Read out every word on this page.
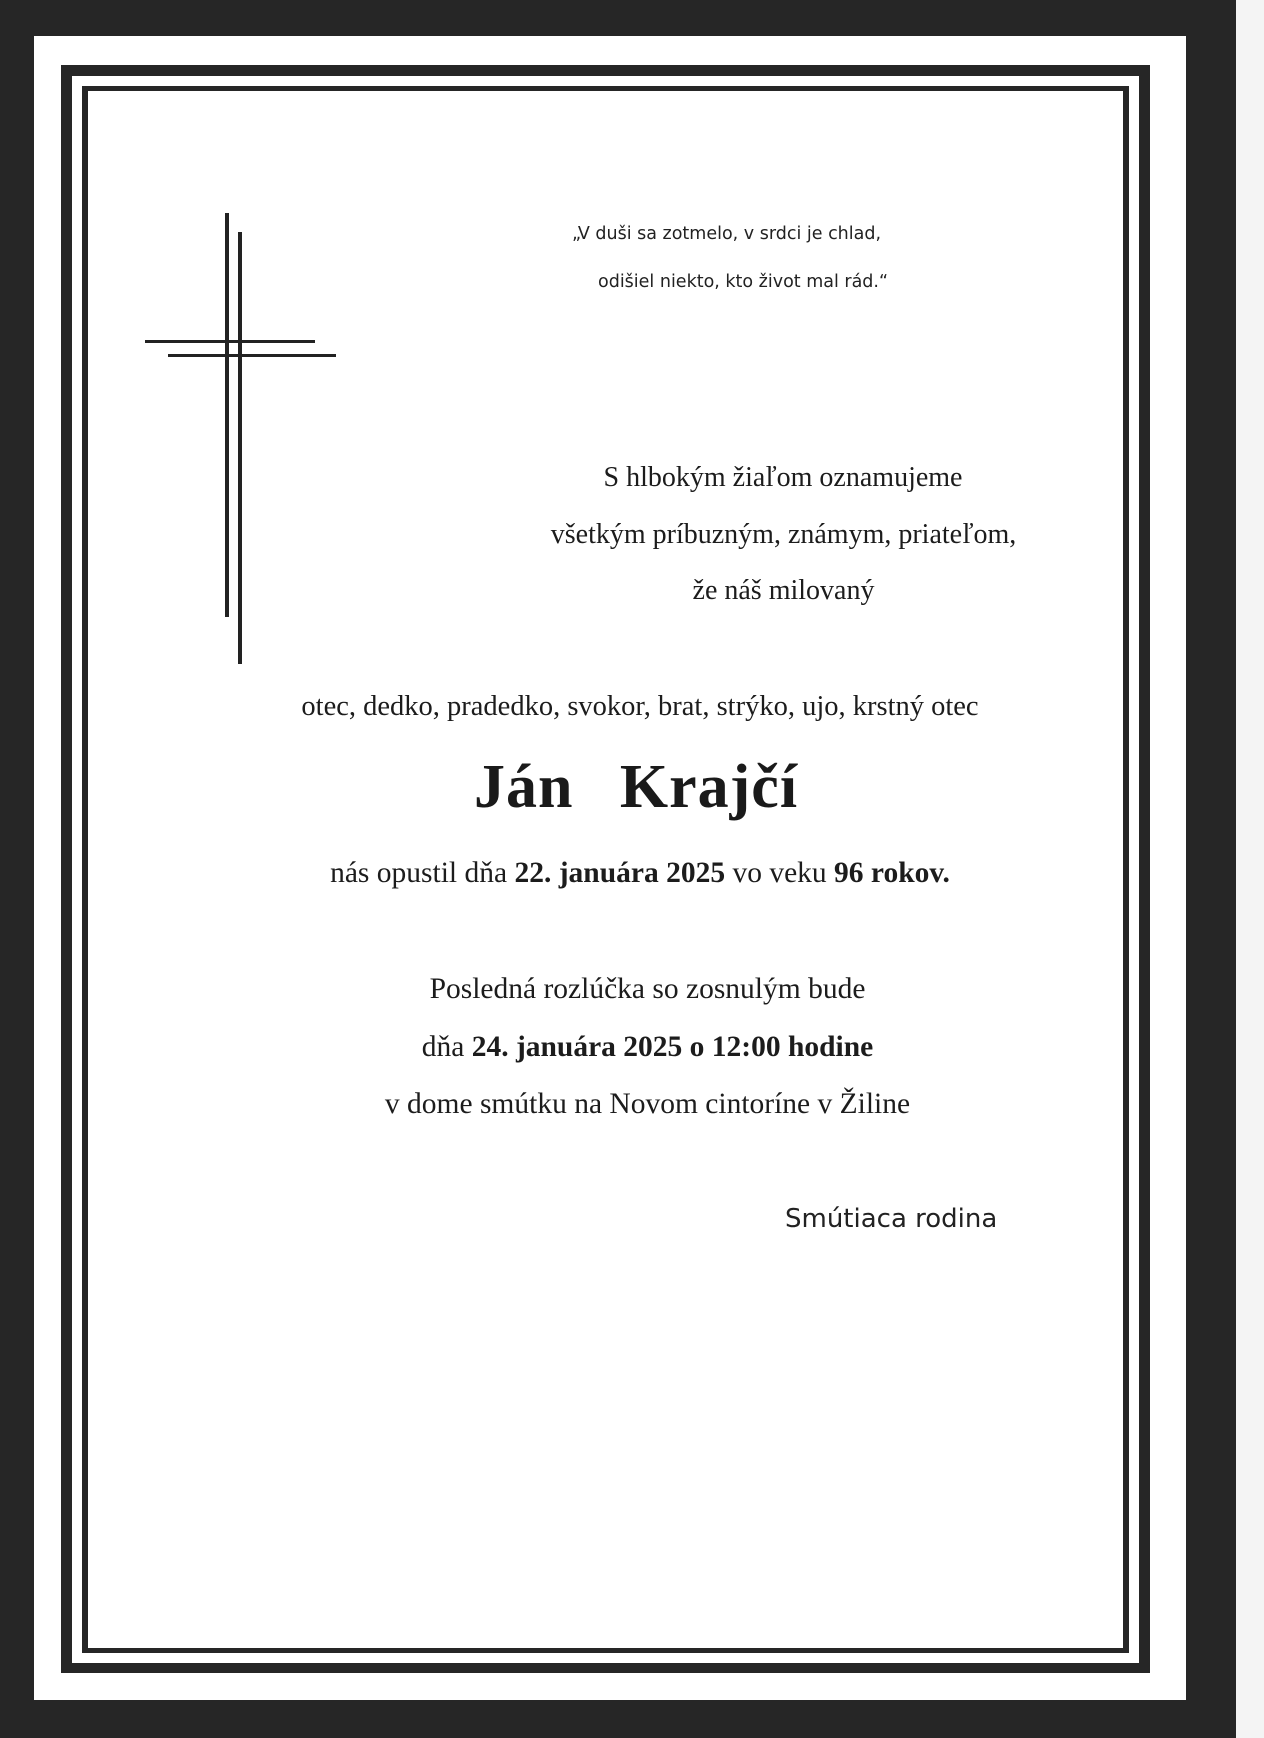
„V duši sa zotmelo, v srdci je chlad,
odišiel niekto, kto život mal rád.“
S hlbokým žiaľom oznamujeme
všetkým príbuzným, známym, priateľom,
že náš milovaný
otec, dedko, pradedko, svokor, brat, strýko, ujo, krstný otec
Ján Krajčí
nás opustil dňa 22. januára 2025 vo veku 96 rokov.
Posledná rozlúčka so zosnulým bude
dňa 24. januára 2025 o 12:00 hodine
v dome smútku na Novom cintoríne v Žiline
Smútiaca rodina
